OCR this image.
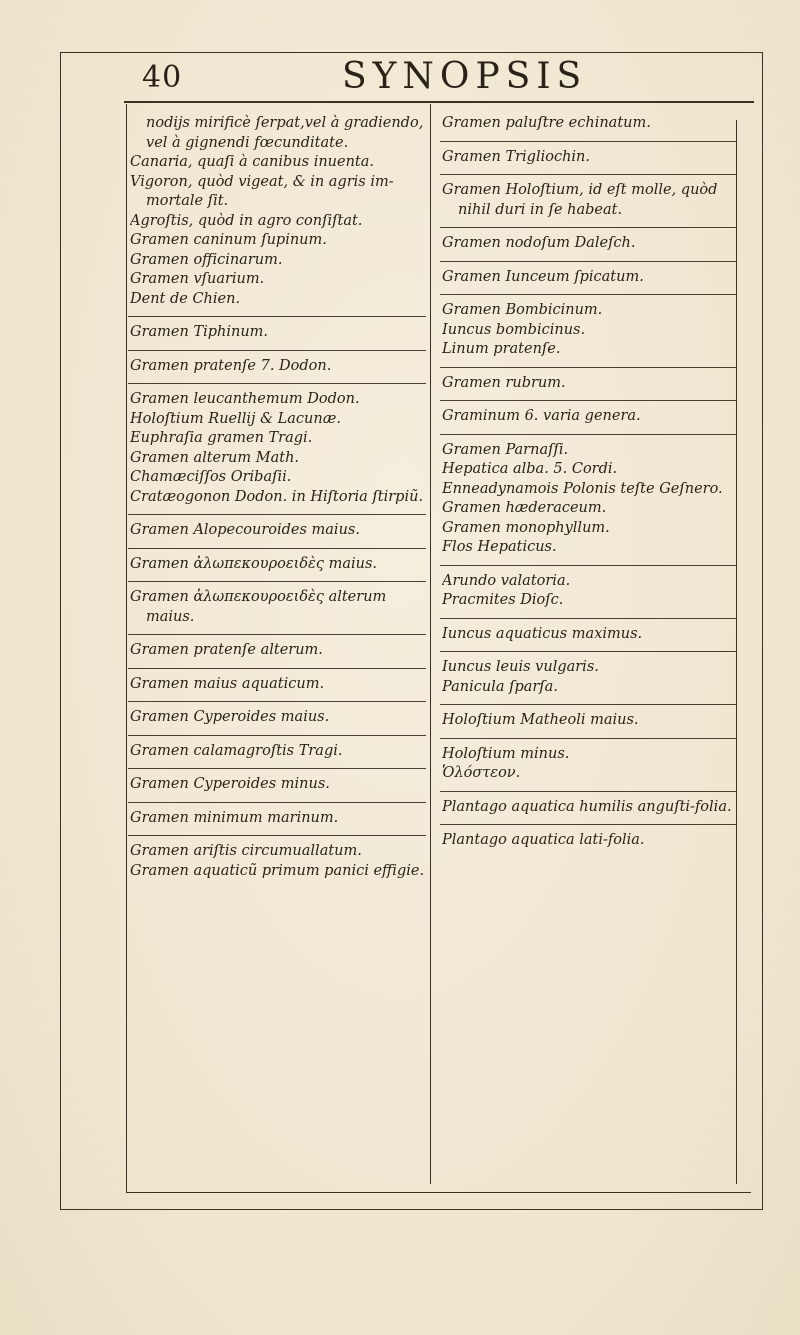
40	SYNOPSIS
nodijs mirificè ſerpat,vel à gradiendo,
vel à gignendi fœcunditate.
Canaria, quaſi à canibus inuenta.
Vigoron, quòd vigeat, & in agris im-
mortale ſit.
Agroſtis, quòd in agro conſiſtat.
Gramen caninum ſupinum.
Gramen officinarum.
Gramen vſuarium.
Dent de Chien.
Gramen Tiphinum.
Gramen pratenſe 7. Dodon.
Gramen leucanthemum Dodon.
Holoſtium Ruellij & Lacunæ.
Euphraſia gramen Tragi.
Gramen alterum Math.
Chamæciſſos Oribaſii.
Cratæogonon Dodon. in Hiſtoria ſtirpiũ.
Gramen Alopecouroides maius.
Gramen ἀλωπεκουροειδὲς maius.
Gramen ἀλωπεκουροειδὲς alterum
maius.
Gramen pratenſe alterum.
Gramen maius aquaticum.
Gramen Cyperoides maius.
Gramen calamagroſtis Tragi.
Gramen Cyperoides minus.
Gramen minimum marinum.
Gramen ariſtis circumuallatum.
Gramen aquaticũ primum panici effigie.
Gramen paluſtre echinatum.
Gramen Trigliochin.
Gramen Holoſtium, id eſt molle, quòd
nihil duri in ſe habeat.
Gramen nodoſum Daleſch.
Gramen Iunceum ſpicatum.
Gramen Bombicinum.
Iuncus bombicinus.
Linum pratenſe.
Gramen rubrum.
Graminum 6. varia genera.
Gramen Parnaſſi.
Hepatica alba. 5. Cordi.
Enneadynamois Polonis teſte Geſnero.
Gramen hæderaceum.
Gramen monophyllum.
Flos Hepaticus.
Arundo valatoria.
Pracmites Dioſc.
Iuncus aquaticus maximus.
Iuncus leuis vulgaris.
Panicula ſparſa.
Holoſtium Matheoli maius.
Holoſtium minus.
Ὁλόστεον.
Plantago aquatica humilis anguſti-folia.
Plantago aquatica lati-folia.
